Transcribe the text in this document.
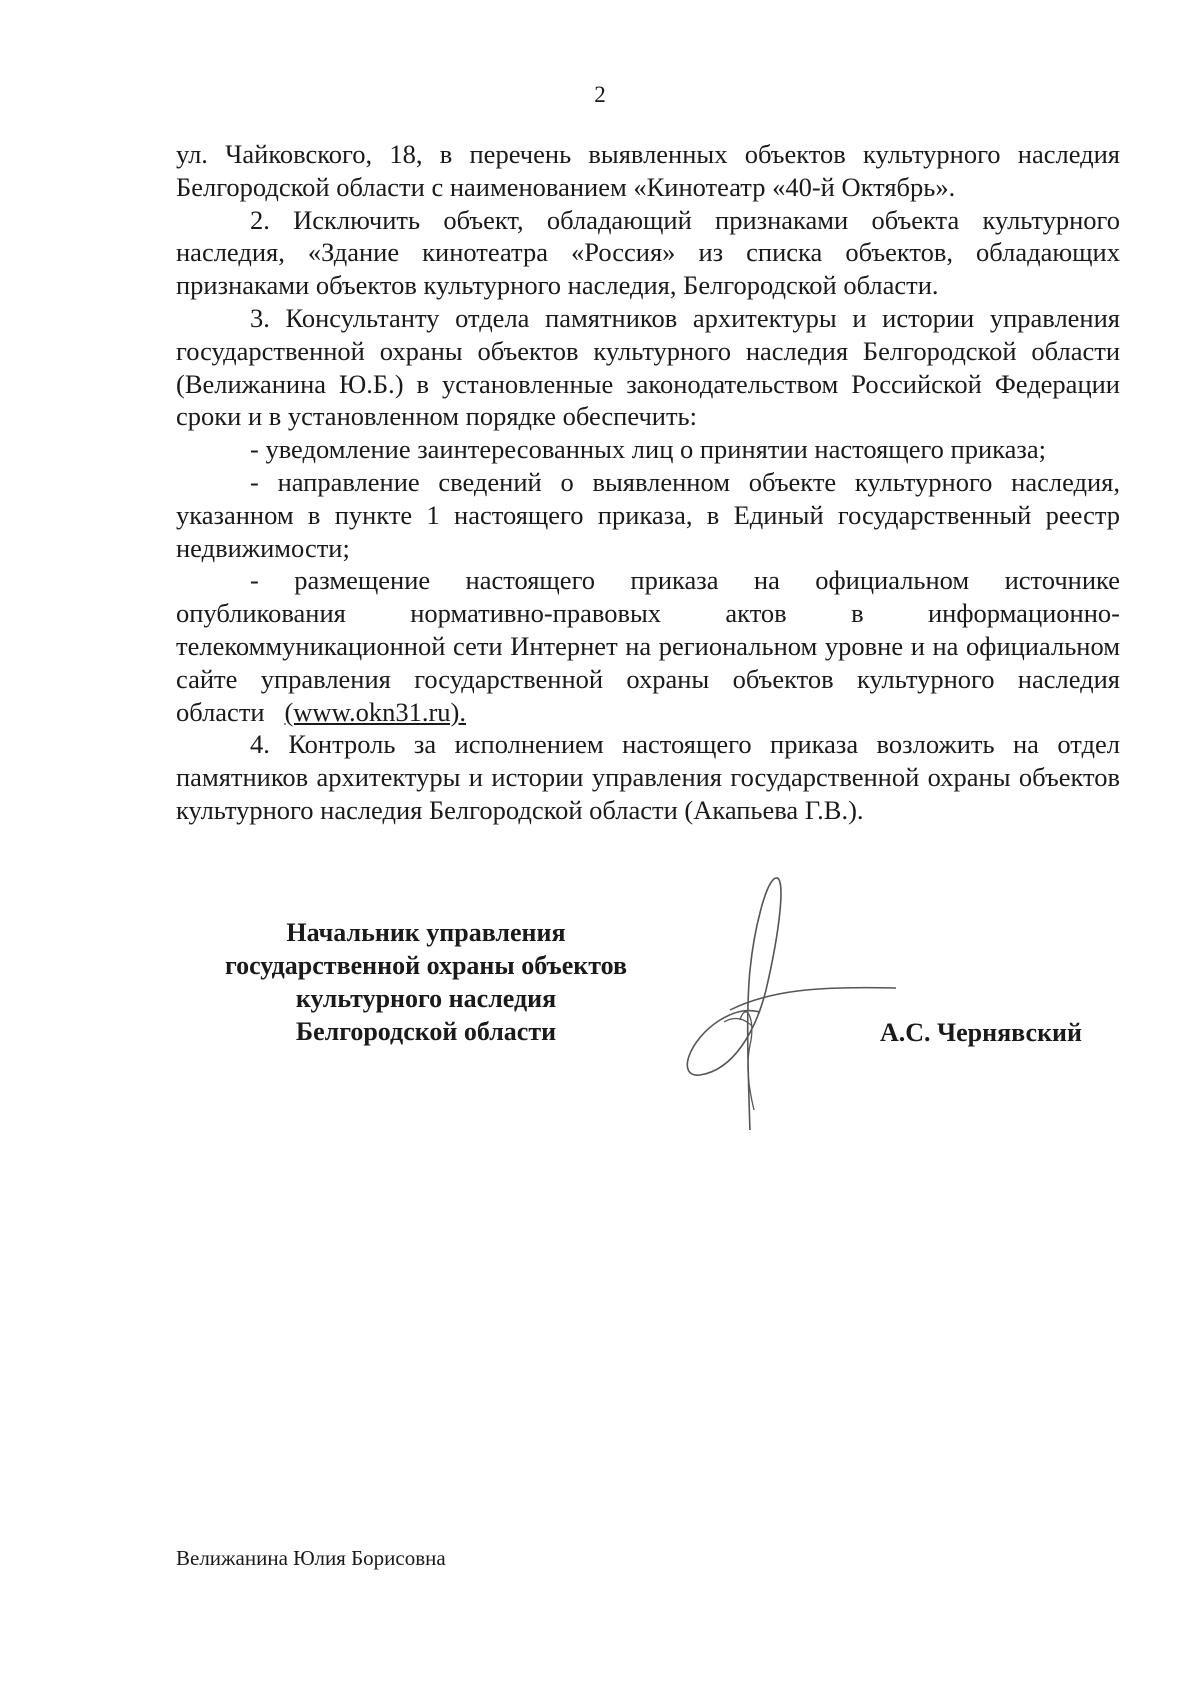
2

ул. Чайковского, 18, в перечень выявленных объектов культурного наследия Белгородской области с наименованием «Кинотеатр «40-й Октябрь».

2. Исключить объект, обладающий признаками объекта культурного наследия, «Здание кинотеатра «Россия» из списка объектов, обладающих признаками объектов культурного наследия, Белгородской области.

3. Консультанту отдела памятников архитектуры и истории управления государственной охраны объектов культурного наследия Белгородской области (Велижанина Ю.Б.) в установленные законодательством Российской Федерации сроки и в установленном порядке обеспечить:

- уведомление заинтересованных лиц о принятии настоящего приказа;

- направление сведений о выявленном объекте культурного наследия, указанном в пункте 1 настоящего приказа, в Единый государственный реестр недвижимости;

- размещение настоящего приказа на официальном источнике опубликования нормативно-правовых актов в информационно-телекоммуникационной сети Интернет на региональном уровне и на официальном сайте управления государственной охраны объектов культурного наследия области (www.okn31.ru).

4. Контроль за исполнением настоящего приказа возложить на отдел памятников архитектуры и истории управления государственной охраны объектов культурного наследия Белгородской области (Акапьева Г.В.).

Начальник управления
государственной охраны объектов
культурного наследия
Белгородской области	А.С. Чернявский
Велижанина Юлия Борисовна
